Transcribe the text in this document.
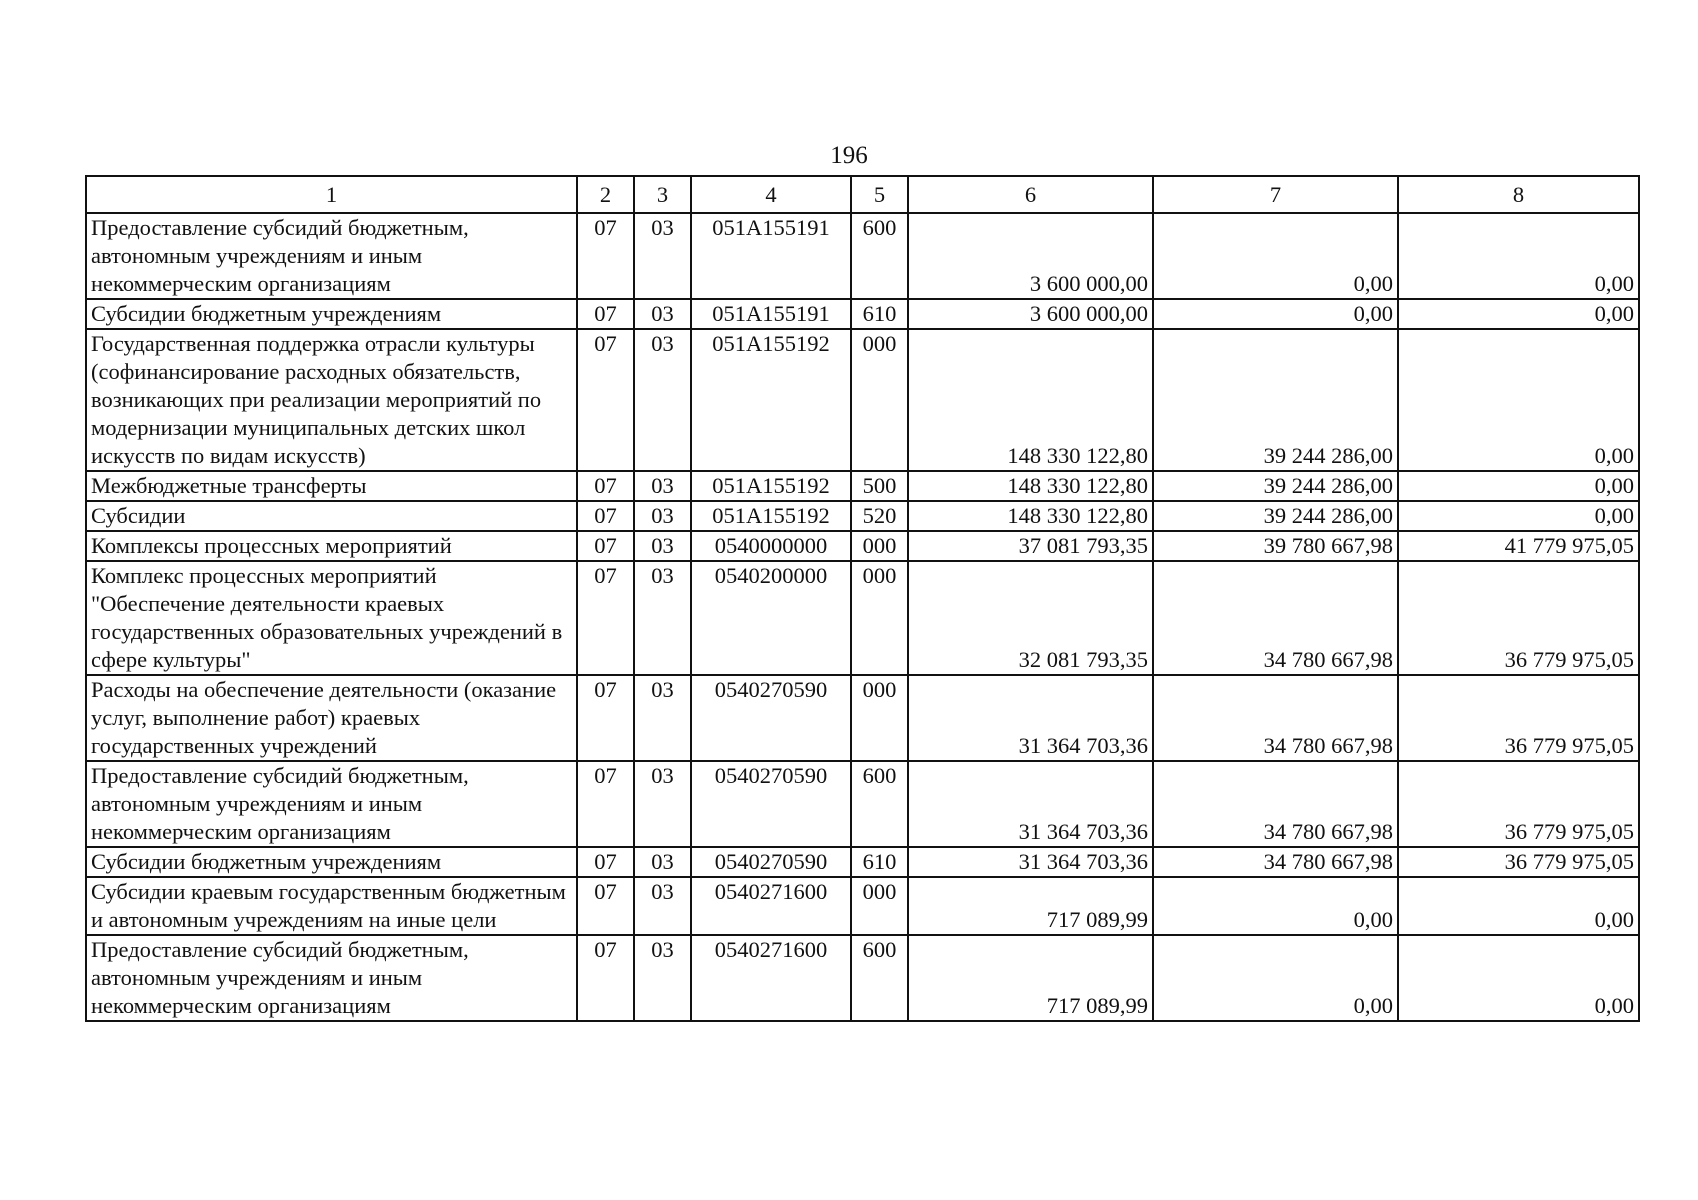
196
1	2	3	4	5	6	7	8
Предоставление субсидий бюджетным, автономным учреждениям и иным некоммерческим организациям	07	03	051A155191	600	3 600 000,00	0,00	0,00
Субсидии бюджетным учреждениям	07	03	051A155191	610	3 600 000,00	0,00	0,00
Государственная поддержка отрасли культуры (софинансирование расходных обязательств, возникающих при реализации мероприятий по модернизации муниципальных детских школ искусств по видам искусств)	07	03	051A155192	000	148 330 122,80	39 244 286,00	0,00
Межбюджетные трансферты	07	03	051A155192	500	148 330 122,80	39 244 286,00	0,00
Субсидии	07	03	051A155192	520	148 330 122,80	39 244 286,00	0,00
Комплексы процессных мероприятий	07	03	0540000000	000	37 081 793,35	39 780 667,98	41 779 975,05
Комплекс процессных мероприятий "Обеспечение деятельности краевых государственных образовательных учреждений в сфере культуры"	07	03	0540200000	000	32 081 793,35	34 780 667,98	36 779 975,05
Расходы на обеспечение деятельности (оказание услуг, выполнение работ) краевых государственных учреждений	07	03	0540270590	000	31 364 703,36	34 780 667,98	36 779 975,05
Предоставление субсидий бюджетным, автономным учреждениям и иным некоммерческим организациям	07	03	0540270590	600	31 364 703,36	34 780 667,98	36 779 975,05
Субсидии бюджетным учреждениям	07	03	0540270590	610	31 364 703,36	34 780 667,98	36 779 975,05
Субсидии краевым государственным бюджетным и автономным учреждениям на иные цели	07	03	0540271600	000	717 089,99	0,00	0,00
Предоставление субсидий бюджетным, автономным учреждениям и иным некоммерческим организациям	07	03	0540271600	600	717 089,99	0,00	0,00
